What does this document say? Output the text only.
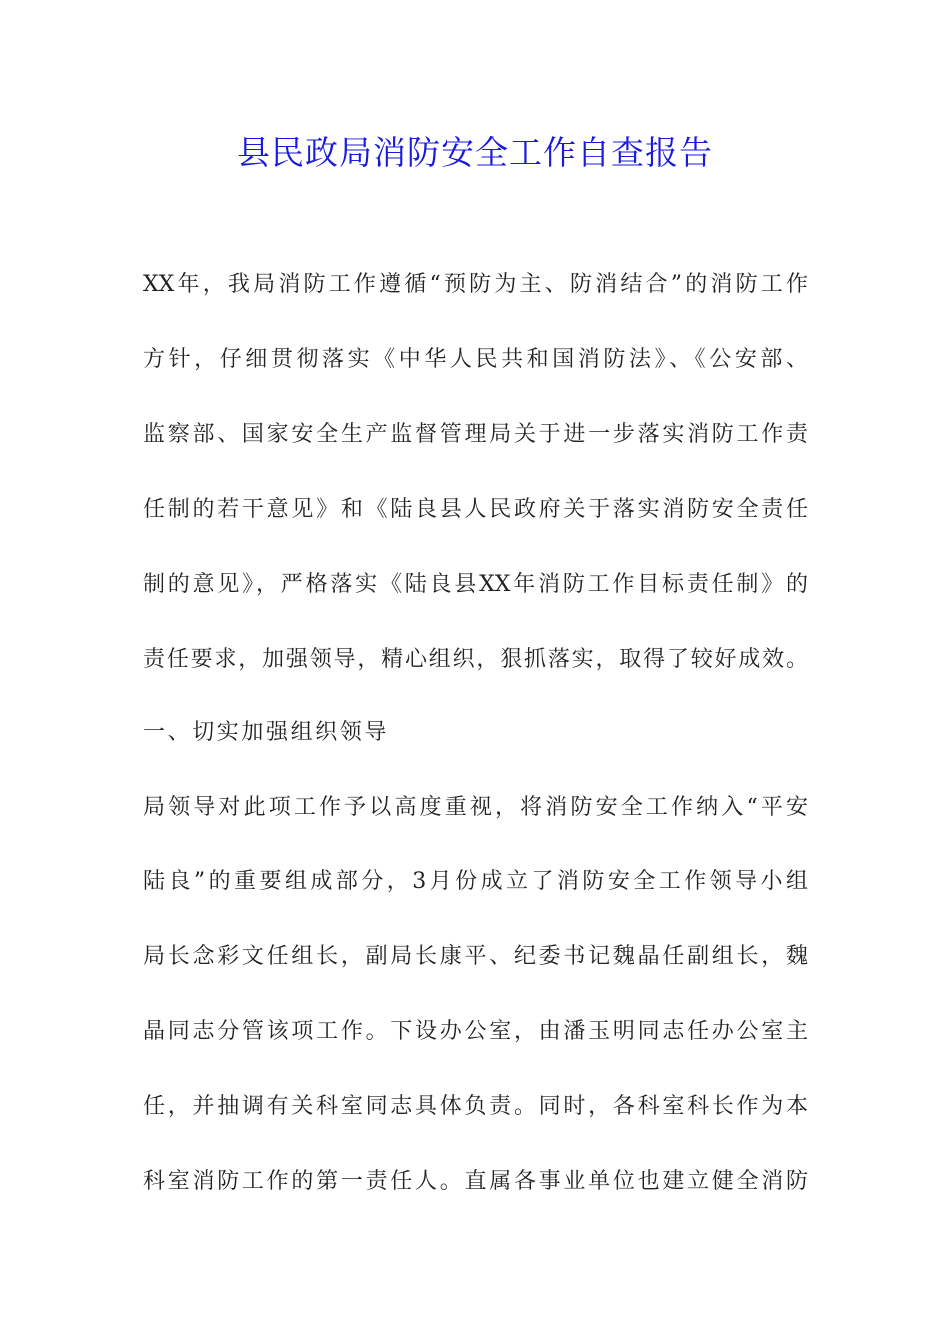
县民政局消防安全工作自查报告
XX年，我局消防工作遵循“预防为主、防消结合”的消防工作
方针，仔细贯彻落实《中华人民共和国消防法》、《公安部、
监察部、国家安全生产监督管理局关于进一步落实消防工作责
任制的若干意见》和《陆良县人民政府关于落实消防安全责任
制的意见》，严格落实《陆良县XX年消防工作目标责任制》的
责任要求，加强领导，精心组织，狠抓落实，取得了较好成效。
一、切实加强组织领导
局领导对此项工作予以高度重视，将消防安全工作纳入“平安
陆良”的重要组成部分，3月份成立了消防安全工作领导小组
局长念彩文任组长，副局长康平、纪委书记魏晶任副组长，魏
晶同志分管该项工作。下设办公室，由潘玉明同志任办公室主
任，并抽调有关科室同志具体负责。同时，各科室科长作为本
科室消防工作的第一责任人。直属各事业单位也建立健全消防
